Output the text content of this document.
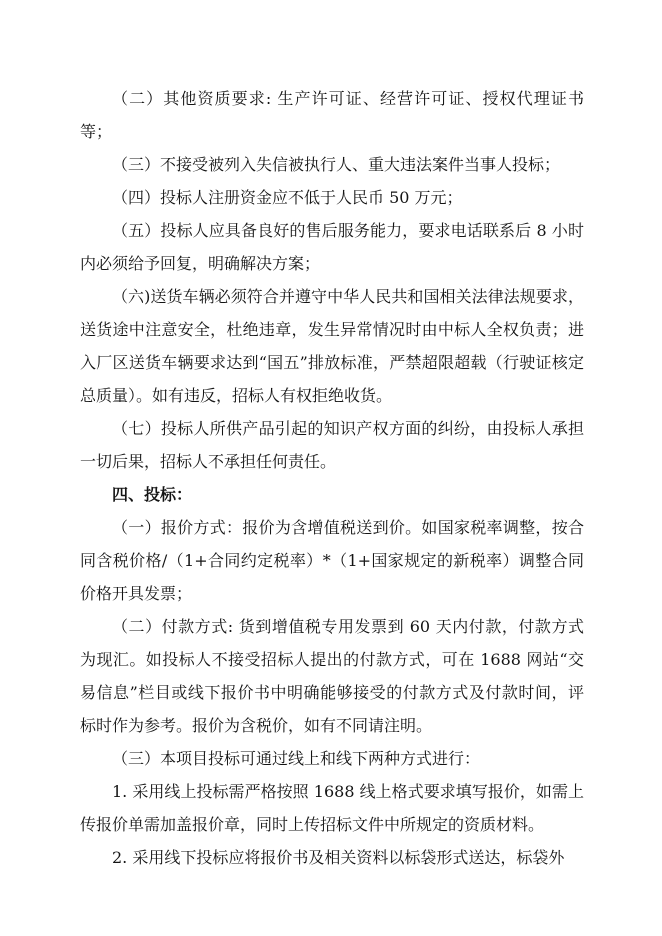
（二）其他资质要求: 生产许可证、经营许可证、授权代理证书等；

（三）不接受被列入失信被执行人、重大违法案件当事人投标；

（四）投标人注册资金应不低于人民币 50 万元；

（五）投标人应具备良好的售后服务能力，要求电话联系后 8 小时内必须给予回复，明确解决方案；

（六)送货车辆必须符合并遵守中华人民共和国相关法律法规要求，送货途中注意安全，杜绝违章，发生异常情况时由中标人全权负责；进入厂区送货车辆要求达到“国五”排放标准，严禁超限超载（行驶证核定总质量）。如有违反，招标人有权拒绝收货。

（七）投标人所供产品引起的知识产权方面的纠纷，由投标人承担一切后果，招标人不承担任何责任。

四、投标：

（一）报价方式：报价为含增值税送到价。如国家税率调整，按合同含税价格/（1+合同约定税率）*（1+国家规定的新税率）调整合同价格开具发票；

（二）付款方式: 货到增值税专用发票到 60 天内付款，付款方式为现汇。如投标人不接受招标人提出的付款方式，可在 1688 网站“交易信息”栏目或线下报价书中明确能够接受的付款方式及付款时间，评标时作为参考。报价为含税价，如有不同请注明。

（三）本项目投标可通过线上和线下两种方式进行：

1. 采用线上投标需严格按照 1688 线上格式要求填写报价，如需上传报价单需加盖报价章，同时上传招标文件中所规定的资质材料。

2. 采用线下投标应将报价书及相关资料以标袋形式送达，标袋外
